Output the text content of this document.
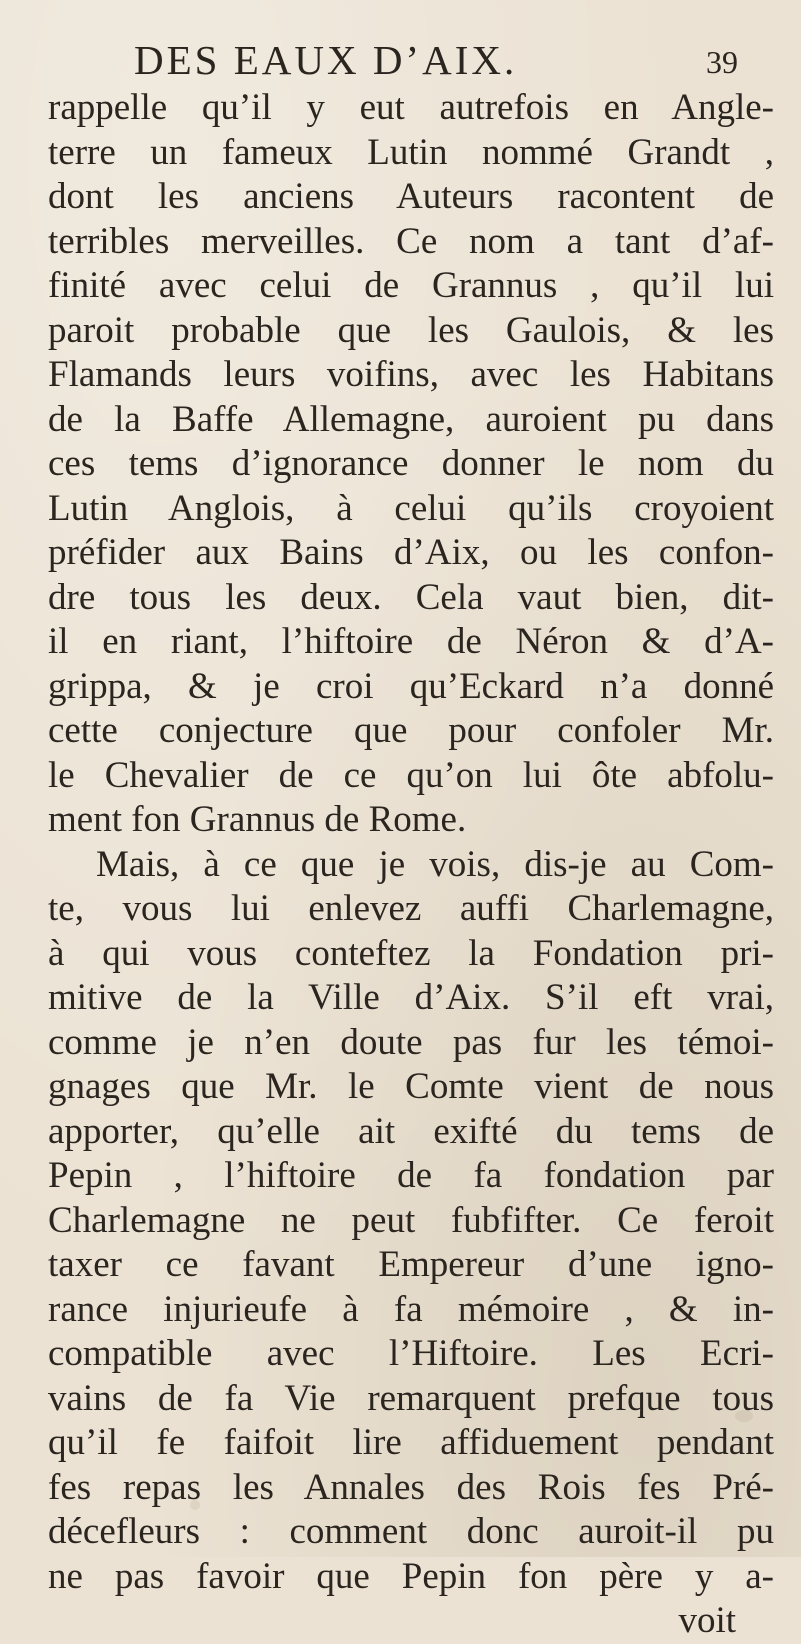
DES EAUX D’AIX.	39
rappelle qu’il y eut autrefois en Angle-
terre un fameux Lutin nommé Grandt ,
dont les anciens Auteurs racontent de
terribles merveilles. Ce nom a tant d’af-
finité avec celui de Grannus , qu’il lui
paroit probable que les Gaulois, & les
Flamands leurs voifins, avec les Habitans
de la Baffe Allemagne, auroient pu dans
ces tems d’ignorance donner le nom du
Lutin Anglois, à celui qu’ils croyoient
préfider aux Bains d’Aix, ou les confon-
dre tous les deux. Cela vaut bien, dit-
il en riant, l’hiftoire de Néron & d’A-
grippa, & je croi qu’Eckard n’a donné
cette conjecture que pour confoler Mr.
le Chevalier de ce qu’on lui ôte abfolu-
ment fon Grannus de Rome.
Mais, à ce que je vois, dis-je au Com-
te, vous lui enlevez auffi Charlemagne,
à qui vous conteftez la Fondation pri-
mitive de la Ville d’Aix. S’il eft vrai,
comme je n’en doute pas fur les témoi-
gnages que Mr. le Comte vient de nous
apporter, qu’elle ait exifté du tems de
Pepin , l’hiftoire de fa fondation par
Charlemagne ne peut fubfifter. Ce feroit
taxer ce favant Empereur d’une igno-
rance injurieufe à fa mémoire , & in-
compatible avec l’Hiftoire. Les Ecri-
vains de fa Vie remarquent prefque tous
qu’il fe faifoit lire affiduement pendant
fes repas les Annales des Rois fes Pré-
décefleurs : comment donc auroit-il pu
ne pas favoir que Pepin fon père y a-
voit
